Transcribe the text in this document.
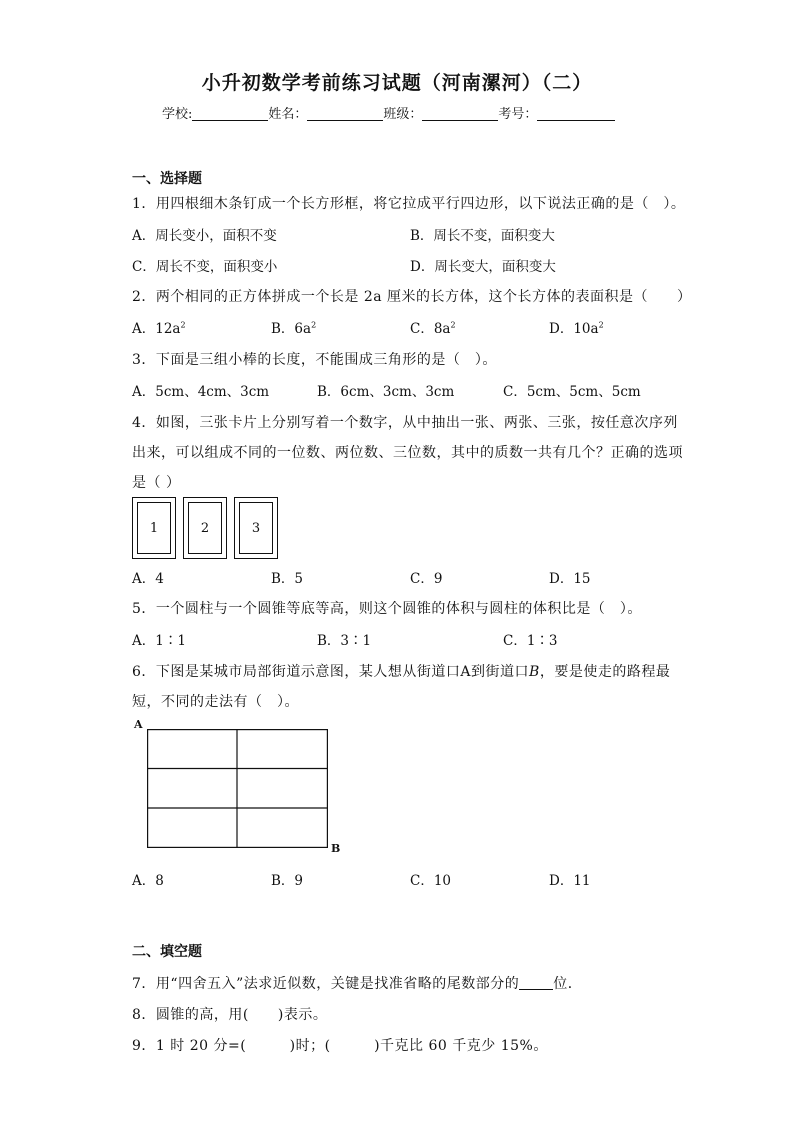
小升初数学考前练习试题（河南漯河）（二）
学校:	姓名：	班级：	考号：
一、选择题
1．用四根细木条钉成一个长方形框，将它拉成平行四边形，以下说法正确的是（　）。
A．周长变小，面积不变	B．周长不变，面积变大
C．周长不变，面积变小	D．周长变大，面积变大
2．两个相同的正方体拼成一个长是 2a 厘米的长方体，这个长方体的表面积是（　　）
A．$12a^2$	B．$6a^2$	C．$8a^2$	D．$10a^2$
3．下面是三组小棒的长度，不能围成三角形的是（　）。
A．5cm、4cm、3cm	B．6cm、3cm、3cm	C．5cm、5cm、5cm
4．如图，三张卡片上分别写着一个数字，从中抽出一张、两张、三张，按任意次序列
出来，可以组成不同的一位数、两位数、三位数，其中的质数一共有几个？正确的选项
是（ ）
1	2	3
A．4	B．5	C．9	D．15
5．一个圆柱与一个圆锥等底等高，则这个圆锥的体积与圆柱的体积比是（　）。
A．1∶1	B．3∶1	C．1∶3
6．下图是某城市局部街道示意图，某人想从街道口A到街道口B，要是使走的路程最
短，不同的走法有（　）。
A
B
A．8	B．9	C．10	D．11
二、填空题
7．用“四舍五入”法求近似数，关键是找准省略的尾数部分的 位．
8．圆锥的高，用(　　)表示。
9．1 时 20 分=(　　　)时；(　　　)千克比 60 千克少 15%。
